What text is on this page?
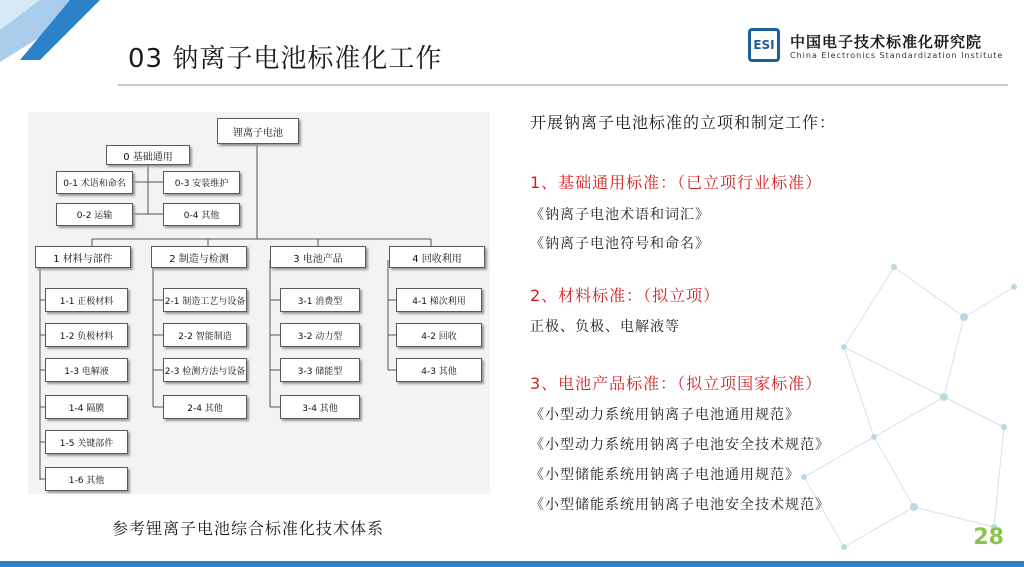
03 钠离子电池标准化工作	ESI	中国电子技术标准化研究院
China Electronics Standardization Institute
锂离子电池
0 基础通用
0-1 术语和命名
0-2 运输
0-3 安装维护
0-4 其他
1 材料与部件	2 制造与检测	3 电池产品	4 回收利用
1-1 正极材料
1-2 负极材料
1-3 电解液
1-4 隔膜
1-5 关键部件
1-6 其他
2-1 制造工艺与设备
2-2 智能制造
2-3 检测方法与设备
2-4 其他
3-1 消费型
3-2 动力型
3-3 储能型
3-4 其他
4-1 梯次利用
4-2 回收
4-3 其他
参考锂离子电池综合标准化技术体系
开展钠离子电池标准的立项和制定工作：
1、基础通用标准：（已立项行业标准）
《钠离子电池术语和词汇》
《钠离子电池符号和命名》
2、材料标准：（拟立项）
正极、负极、电解液等
3、电池产品标准：（拟立项国家标准）
《小型动力系统用钠离子电池通用规范》
《小型动力系统用钠离子电池安全技术规范》
《小型储能系统用钠离子电池通用规范》
《小型储能系统用钠离子电池安全技术规范》
28
